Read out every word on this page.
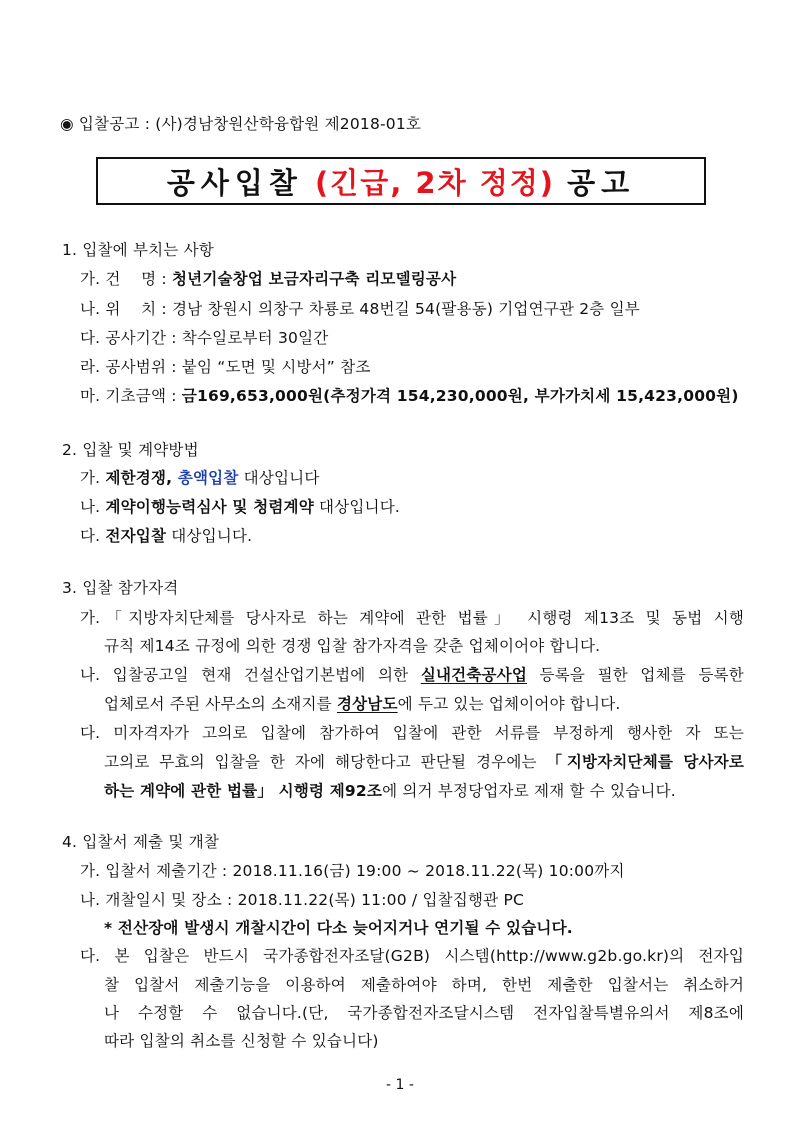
◉ 입찰공고 : (사)경남창원산학융합원 제2018-01호
공사입찰
(긴급, 2차 정정)
공고
1. 입찰에 부치는 사항
가. 건    명 : 청년기술창업 보금자리구축 리모델링공사
나. 위    치 : 경남 창원시 의창구 차룡로 48번길 54(팔용동) 기업연구관 2층 일부
다. 공사기간 : 착수일로부터 30일간
라. 공사범위 : 붙임 “도면 및 시방서” 참조
마. 기초금액 : 금169,653,000원(추정가격 154,230,000원, 부가가치세 15,423,000원)
2. 입찰 및 계약방법
가. 제한경쟁, 총액입찰 대상입니다
나. 계약이행능력심사 및 청렴계약 대상입니다.
다. 전자입찰 대상입니다.
3. 입찰 참가자격
가.「지방자치단체를 당사자로 하는 계약에 관한 법률」 시행령 제13조 및 동법 시행
규칙 제14조 규정에 의한 경쟁 입찰 참가자격을 갖춘 업체이어야 합니다.
나. 입찰공고일 현재 건설산업기본법에 의한 실내건축공사업 등록을 필한 업체를 등록한
업체로서 주된 사무소의 소재지를 경상남도에 두고 있는 업체이어야 합니다.
다. 미자격자가 고의로 입찰에 참가하여 입찰에 관한 서류를 부정하게 행사한 자 또는
고의로 무효의 입찰을 한 자에 해당한다고 판단될 경우에는 「지방자치단체를 당사자로
하는 계약에 관한 법률」 시행령 제92조에 의거 부정당업자로 제재 할 수 있습니다.
4. 입찰서 제출 및 개찰
가. 입찰서 제출기간 : 2018.11.16(금) 19:00 ~ 2018.11.22(목) 10:00까지
나. 개찰일시 및 장소 : 2018.11.22(목) 11:00 / 입찰집행관 PC
* 전산장애 발생시 개찰시간이 다소 늦어지거나 연기될 수 있습니다.
다. 본 입찰은 반드시 국가종합전자조달(G2B) 시스템(http://www.g2b.go.kr)의 전자입
찰 입찰서 제출기능을 이용하여 제출하여야 하며, 한번 제출한 입찰서는 취소하거
나 수정할 수 없습니다.(단, 국가종합전자조달시스템 전자입찰특별유의서 제8조에
따라 입찰의 취소를 신청할 수 있습니다)
- 1 -
